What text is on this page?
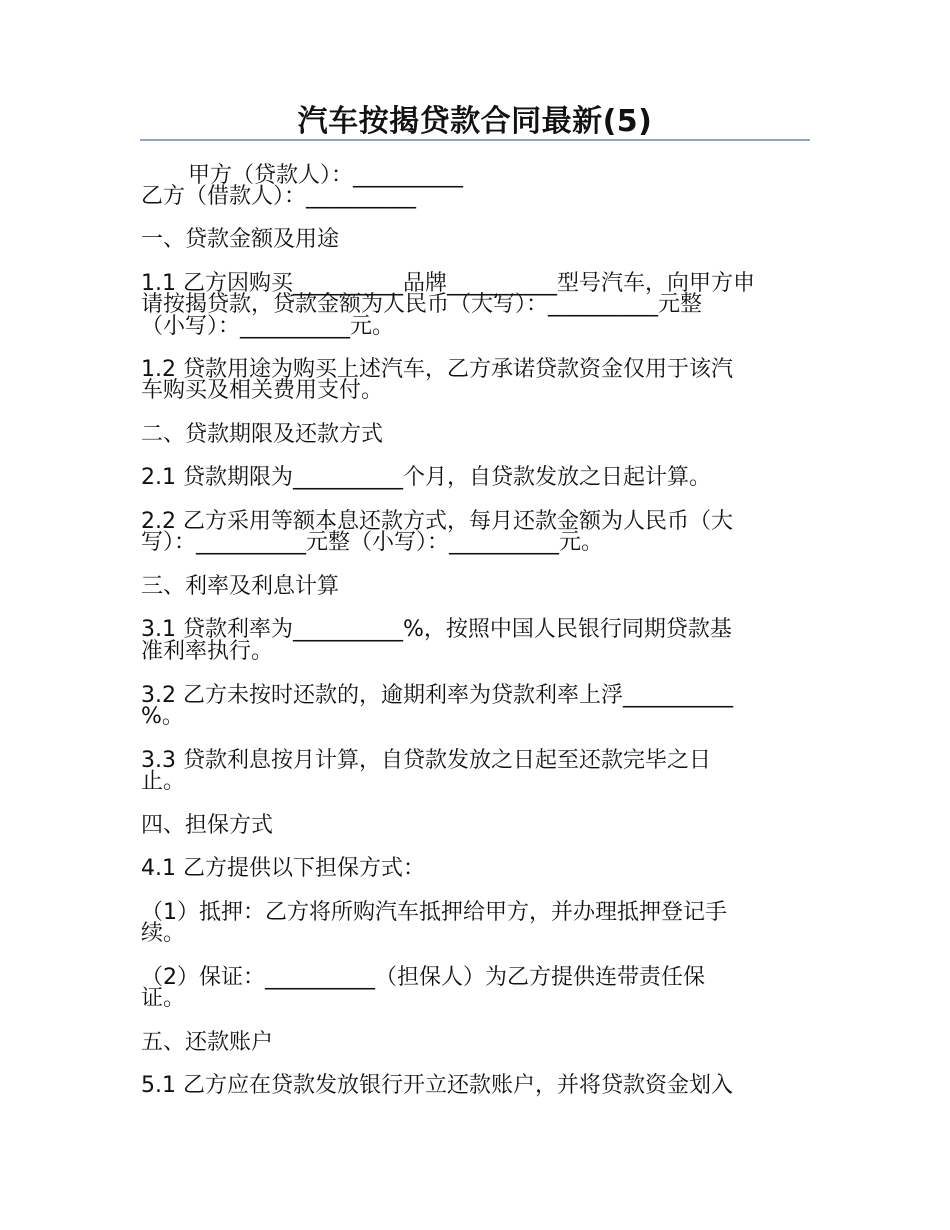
汽车按揭贷款合同最新(5)

甲方（贷款人）：__________

乙方（借款人）：__________

一、贷款金额及用途

1.1 乙方因购买__________品牌__________型号汽车，向甲方申

请按揭贷款，贷款金额为人民币（大写）：__________元整

（小写）：__________元。

1.2 贷款用途为购买上述汽车，乙方承诺贷款资金仅用于该汽

车购买及相关费用支付。

二、贷款期限及还款方式

2.1 贷款期限为__________个月，自贷款发放之日起计算。

2.2 乙方采用等额本息还款方式，每月还款金额为人民币（大

写）：__________元整（小写）：__________元。

三、利率及利息计算

3.1 贷款利率为__________%，按照中国人民银行同期贷款基

准利率执行。

3.2 乙方未按时还款的，逾期利率为贷款利率上浮__________

%。

3.3 贷款利息按月计算，自贷款发放之日起至还款完毕之日

止。

四、担保方式

4.1 乙方提供以下担保方式：

（1）抵押：乙方将所购汽车抵押给甲方，并办理抵押登记手

续。

（2）保证：__________（担保人）为乙方提供连带责任保

证。

五、还款账户

5.1 乙方应在贷款发放银行开立还款账户，并将贷款资金划入
